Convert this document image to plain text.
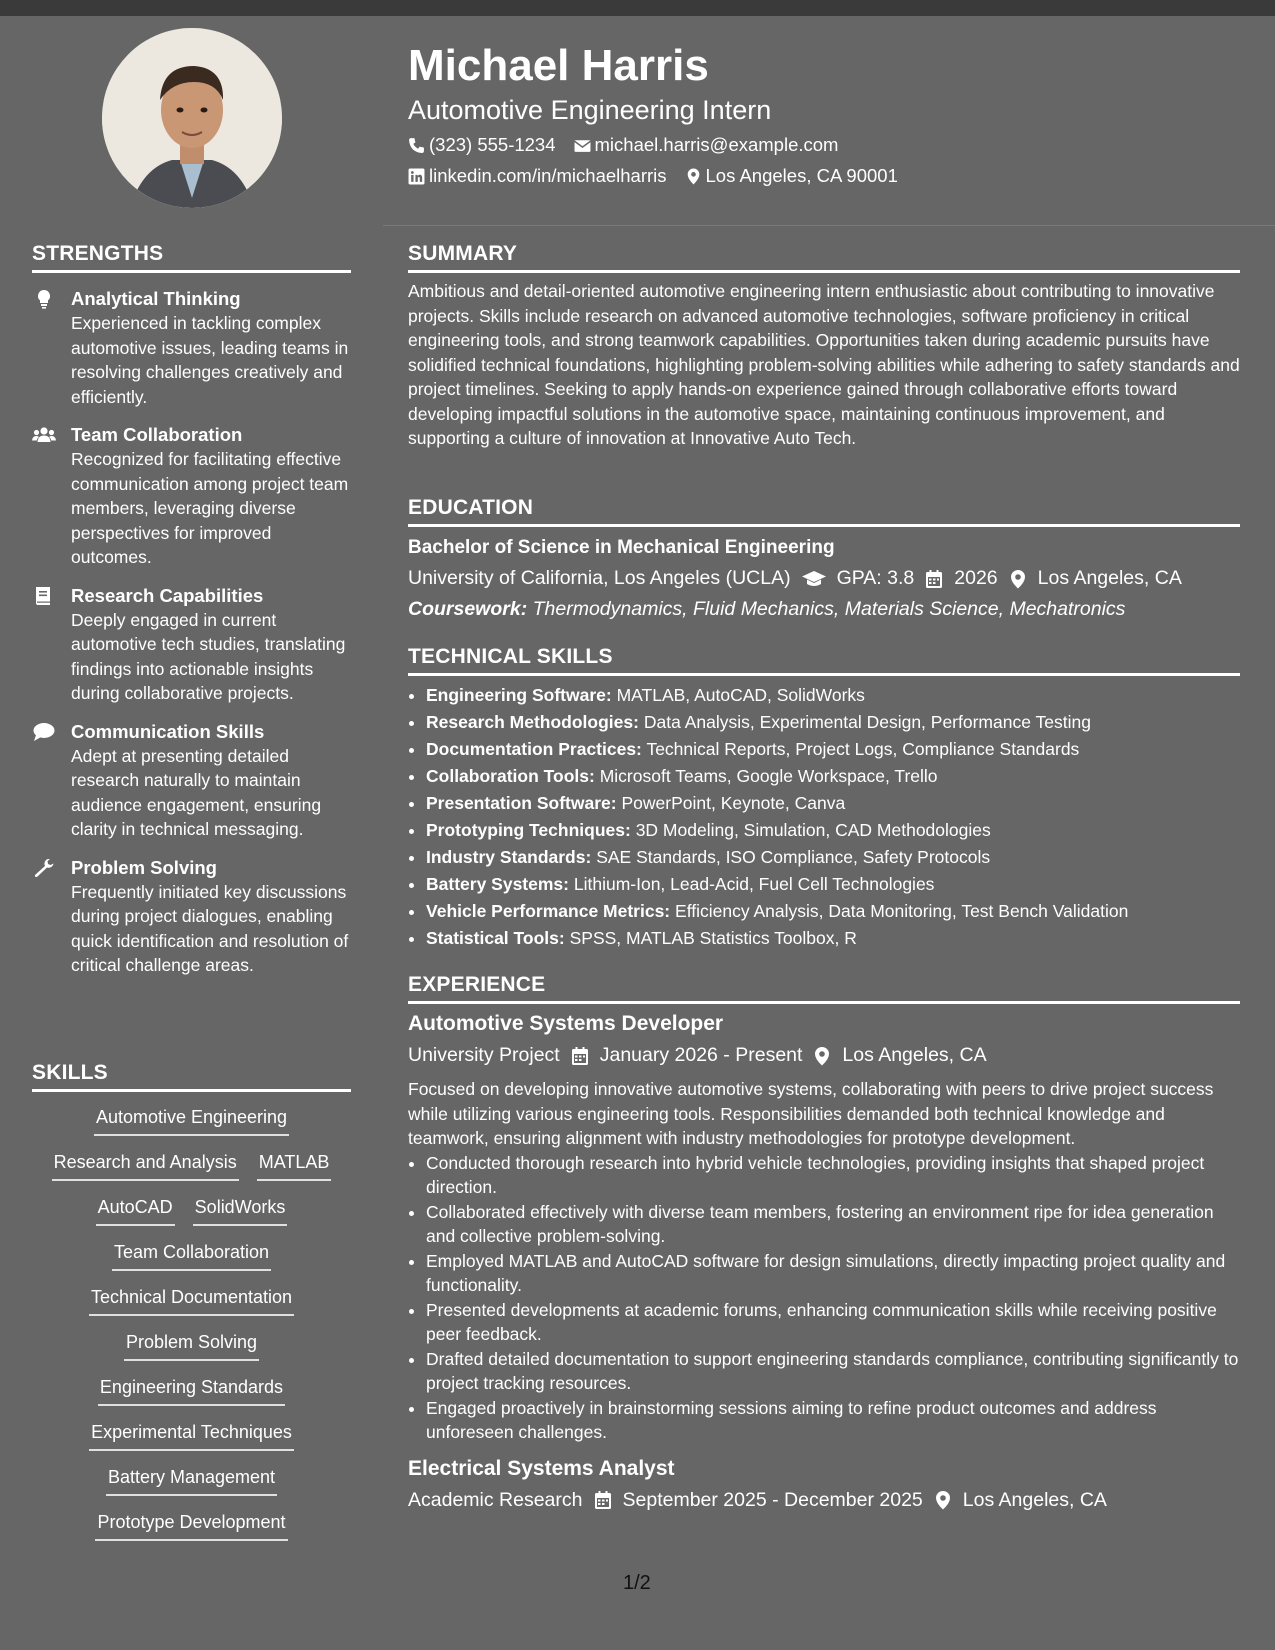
STRENGTHS
Analytical Thinking
Experienced in tackling complex automotive issues, leading teams in resolving challenges creatively and efficiently.
Team Collaboration
Recognized for facilitating effective communication among project team members, leveraging diverse perspectives for improved outcomes.
Research Capabilities
Deeply engaged in current automotive tech studies, translating findings into actionable insights during collaborative projects.
Communication Skills
Adept at presenting detailed research naturally to maintain audience engagement, ensuring clarity in technical messaging.
Problem Solving
Frequently initiated key discussions during project dialogues, enabling quick identification and resolution of critical challenge areas.
SKILLS
Automotive Engineering
Research and Analysis MATLAB
AutoCAD SolidWorks
Team Collaboration
Technical Documentation
Problem Solving
Engineering Standards
Experimental Techniques
Battery Management
Prototype Development
Michael Harris
Automotive Engineering Intern
(323) 555-1234 michael.harris@example.com
linkedin.com/in/michaelharris Los Angeles, CA 90001
SUMMARY
Ambitious and detail-oriented automotive engineering intern enthusiastic about contributing to innovative projects. Skills include research on advanced automotive technologies, software proficiency in critical engineering tools, and strong teamwork capabilities. Opportunities taken during academic pursuits have solidified technical foundations, highlighting problem-solving abilities while adhering to safety standards and project timelines. Seeking to apply hands-on experience gained through collaborative efforts toward developing impactful solutions in the automotive space, maintaining continuous improvement, and supporting a culture of innovation at Innovative Auto Tech.
EDUCATION
Bachelor of Science in Mechanical Engineering
University of California, Los Angeles (UCLA) GPA: 3.8 2026 Los Angeles, CA
Coursework: Thermodynamics, Fluid Mechanics, Materials Science, Mechatronics
TECHNICAL SKILLS
• Engineering Software: MATLAB, AutoCAD, SolidWorks
• Research Methodologies: Data Analysis, Experimental Design, Performance Testing
• Documentation Practices: Technical Reports, Project Logs, Compliance Standards
• Collaboration Tools: Microsoft Teams, Google Workspace, Trello
• Presentation Software: PowerPoint, Keynote, Canva
• Prototyping Techniques: 3D Modeling, Simulation, CAD Methodologies
• Industry Standards: SAE Standards, ISO Compliance, Safety Protocols
• Battery Systems: Lithium-Ion, Lead-Acid, Fuel Cell Technologies
• Vehicle Performance Metrics: Efficiency Analysis, Data Monitoring, Test Bench Validation
• Statistical Tools: SPSS, MATLAB Statistics Toolbox, R
EXPERIENCE
Automotive Systems Developer
University Project January 2026 - Present Los Angeles, CA
Focused on developing innovative automotive systems, collaborating with peers to drive project success while utilizing various engineering tools. Responsibilities demanded both technical knowledge and teamwork, ensuring alignment with industry methodologies for prototype development.
• Conducted thorough research into hybrid vehicle technologies, providing insights that shaped project direction.
• Collaborated effectively with diverse team members, fostering an environment ripe for idea generation and collective problem-solving.
• Employed MATLAB and AutoCAD software for design simulations, directly impacting project quality and functionality.
• Presented developments at academic forums, enhancing communication skills while receiving positive peer feedback.
• Drafted detailed documentation to support engineering standards compliance, contributing significantly to project tracking resources.
• Engaged proactively in brainstorming sessions aiming to refine product outcomes and address unforeseen challenges.
Electrical Systems Analyst
Academic Research September 2025 - December 2025 Los Angeles, CA
1/2
